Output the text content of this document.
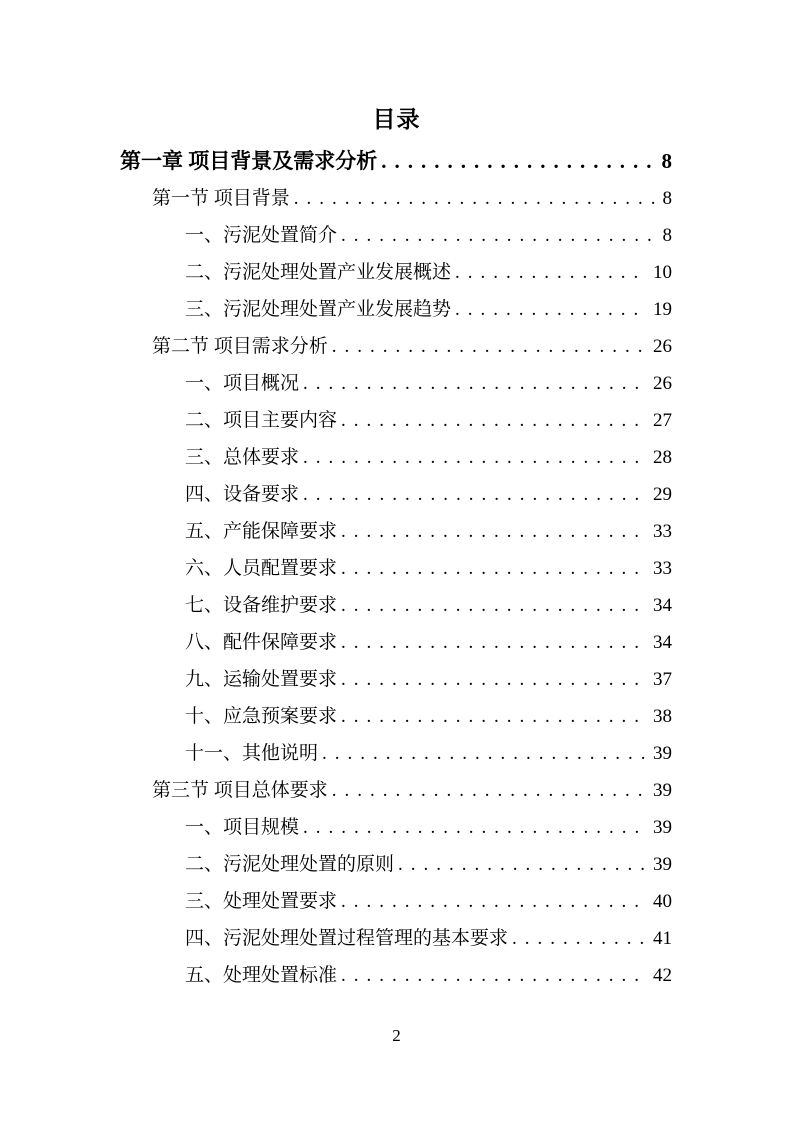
目录
第一章 项目背景及需求分析 .....	8
第一节 项目背景 .....	8
一、污泥处置简介 .....	8
二、污泥处理处置产业发展概述 .....	10
三、污泥处理处置产业发展趋势 .....	19
第二节 项目需求分析 .....	26
一、项目概况 .....	26
二、项目主要内容 .....	27
三、总体要求 .....	28
四、设备要求 .....	29
五、产能保障要求 .....	33
六、人员配置要求 .....	33
七、设备维护要求 .....	34
八、配件保障要求 .....	34
九、运输处置要求 .....	37
十、应急预案要求 .....	38
十一、其他说明 .....	39
第三节 项目总体要求 .....	39
一、项目规模 .....	39
二、污泥处理处置的原则 .....	39
三、处理处置要求 .....	40
四、污泥处理处置过程管理的基本要求 .....	41
五、处理处置标准 .....	42
2
